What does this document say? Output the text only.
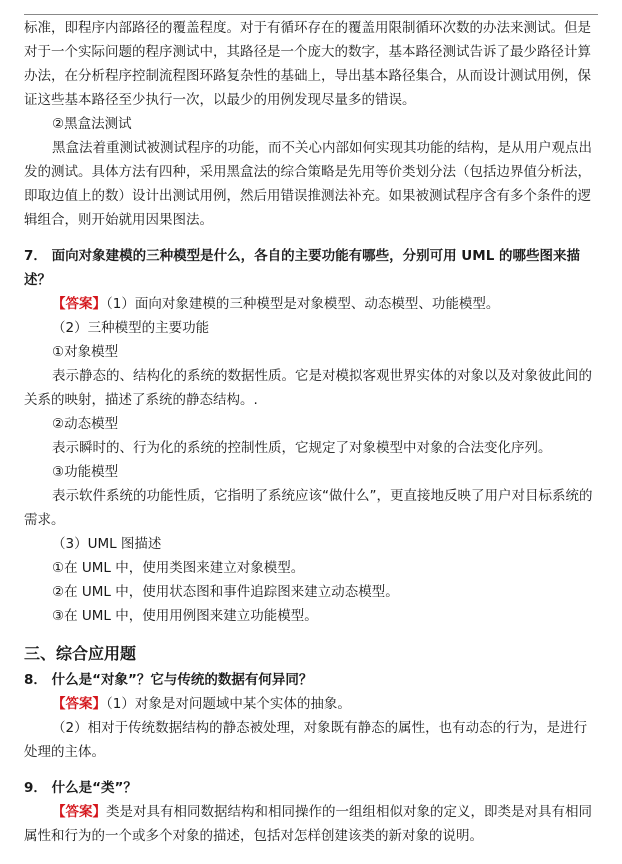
标准，即程序内部路径的覆盖程度。对于有循环存在的覆盖用限制循环次数的办法来测试。但是对于一个实际问题的程序测试中，其路径是一个庞大的数字，基本路径测试告诉了最少路径计算办法，在分析程序控制流程图环路复杂性的基础上，导出基本路径集合，从而设计测试用例，保证这些基本路径至少执行一次，以最少的用例发现尽量多的错误。

②黑盒法测试

黑盒法着重测试被测试程序的功能，而不关心内部如何实现其功能的结构，是从用户观点出发的测试。具体方法有四种，采用黑盒法的综合策略是先用等价类划分法（包括边界值分析法，即取边值上的数）设计出测试用例，然后用错误推测法补充。如果被测试程序含有多个条件的逻辑组合，则开始就用因果图法。

7． 面向对象建模的三种模型是什么，各自的主要功能有哪些，分别可用 UML 的哪些图来描述？

【答案】（1）面向对象建模的三种模型是对象模型、动态模型、功能模型。

（2）三种模型的主要功能

①对象模型

表示静态的、结构化的系统的数据性质。它是对模拟客观世界实体的对象以及对象彼此间的关系的映射，描述了系统的静态结构。.

②动态模型

表示瞬时的、行为化的系统的控制性质，它规定了对象模型中对象的合法变化序列。

③功能模型

表示软件系统的功能性质，它指明了系统应该“做什么”，更直接地反映了用户对目标系统的需求。

（3）UML 图描述

①在 UML 中，使用类图来建立对象模型。

②在 UML 中，使用状态图和事件追踪图来建立动态模型。

③在 UML 中，使用用例图来建立功能模型。

三、综合应用题

8． 什么是“对象”？它与传统的数据有何异同？

【答案】（1）对象是对问题域中某个实体的抽象。

（2）相对于传统数据结构的静态被处理，对象既有静态的属性，也有动态的行为，是进行处理的主体。

9． 什么是“类”？

【答案】类是对具有相同数据结构和相同操作的一组组相似对象的定义，即类是对具有相同属性和行为的一个或多个对象的描述，包括对怎样创建该类的新对象的说明。
